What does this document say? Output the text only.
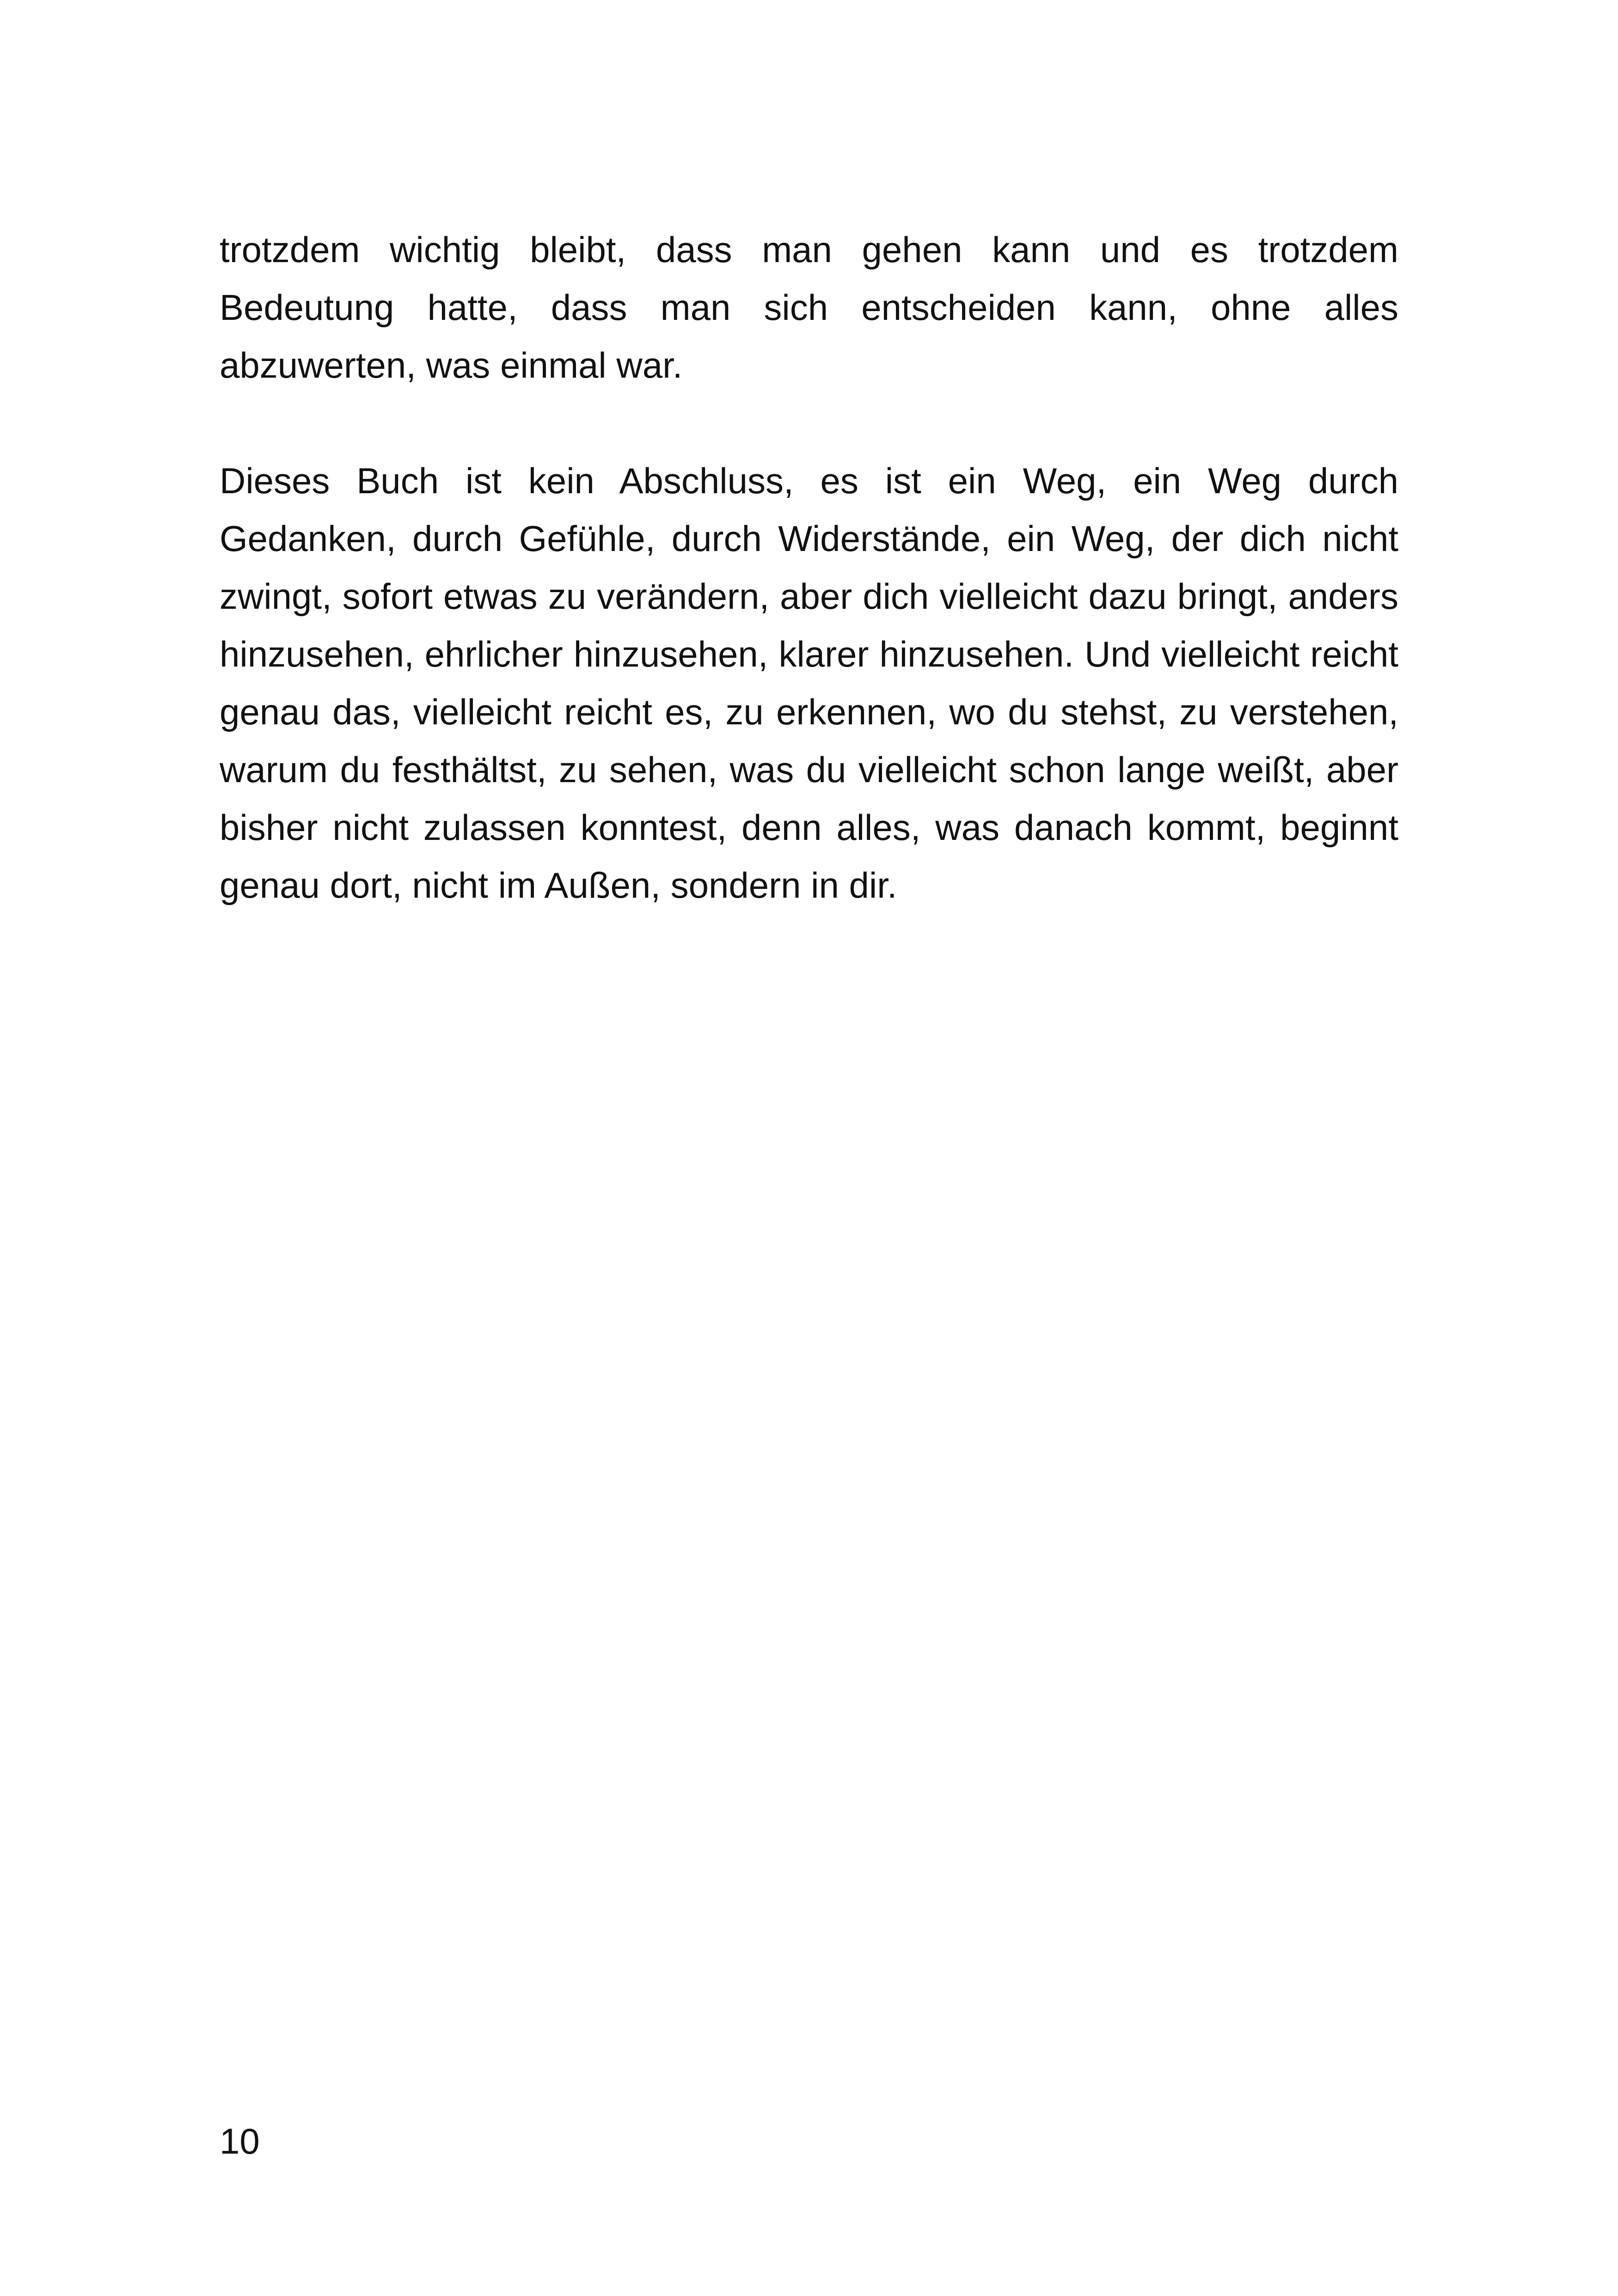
trotzdem wichtig bleibt, dass man gehen kann und es trotzdem Bedeutung hatte, dass man sich entscheiden kann, ohne alles abzuwerten, was einmal war.

Dieses Buch ist kein Abschluss, es ist ein Weg, ein Weg durch Gedanken, durch Gefühle, durch Widerstände, ein Weg, der dich nicht zwingt, sofort etwas zu verändern, aber dich vielleicht dazu bringt, anders hinzusehen, ehrlicher hinzusehen, klarer hinzusehen. Und vielleicht reicht genau das, vielleicht reicht es, zu erkennen, wo du stehst, zu verstehen, warum du festhältst, zu sehen, was du vielleicht schon lange weißt, aber bisher nicht zulassen konntest, denn alles, was danach kommt, beginnt genau dort, nicht im Außen, sondern in dir.

10
